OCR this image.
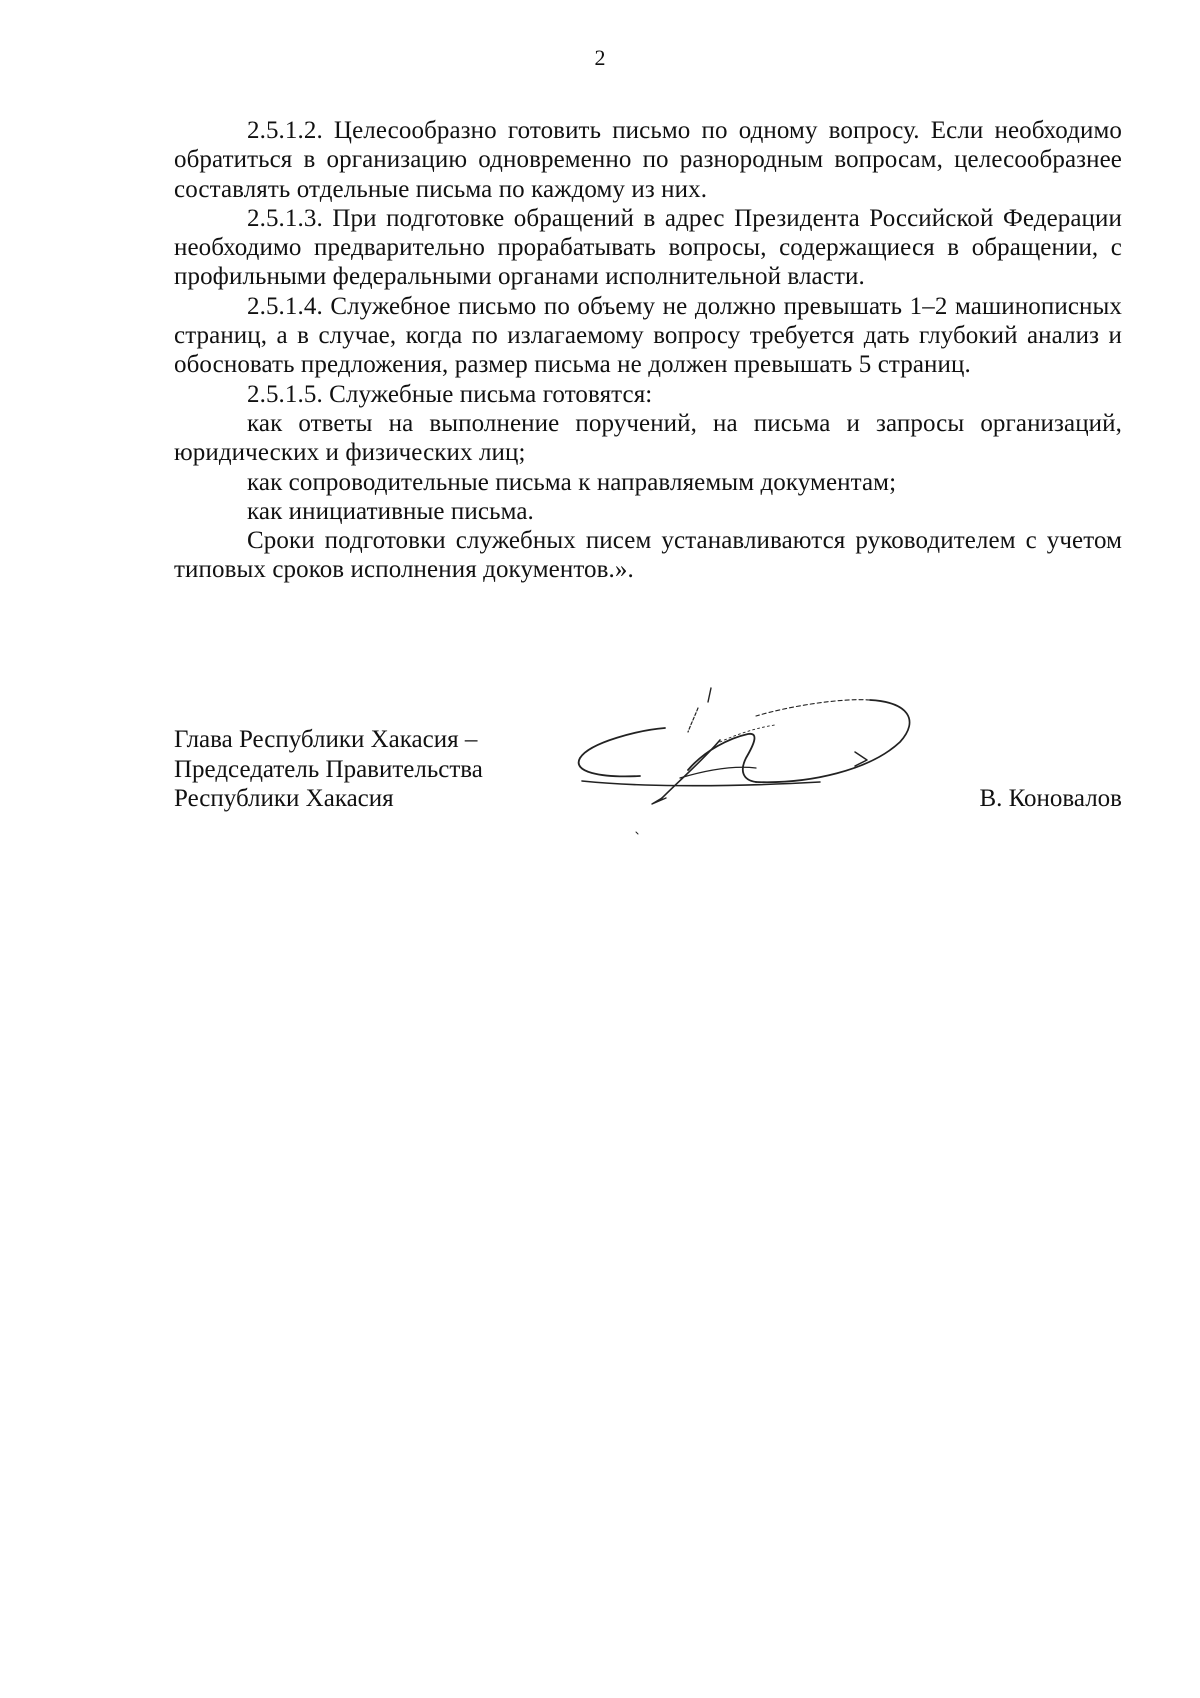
2

2.5.1.2. Целесообразно готовить письмо по одному вопросу. Если необходимо обратиться в организацию одновременно по разнородным вопросам, целесообразнее составлять отдельные письма по каждому из них.

2.5.1.3. При подготовке обращений в адрес Президента Российской Федерации необходимо предварительно прорабатывать вопросы, содержащиеся в обращении, с профильными федеральными органами исполнительной власти.

2.5.1.4. Служебное письмо по объему не должно превышать 1–2 машинописных страниц, а в случае, когда по излагаемому вопросу требуется дать глубокий анализ и обосновать предложения, размер письма не должен превышать 5 страниц.

2.5.1.5. Служебные письма готовятся:

как ответы на выполнение поручений, на письма и запросы организаций, юридических и физических лиц;

как сопроводительные письма к направляемым документам;

как инициативные письма.

Сроки подготовки служебных писем устанавливаются руководителем с учетом типовых сроков исполнения документов.».

Глава Республики Хакасия –
Председатель Правительства
Республики Хакасия	В. Коновалов
